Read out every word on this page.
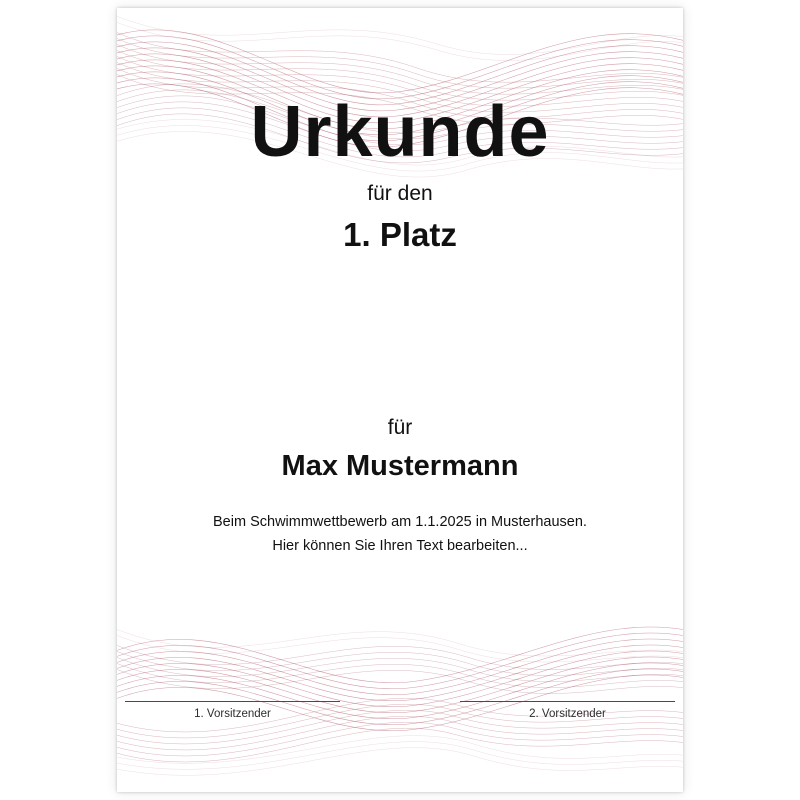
Urkunde
für den
1. Platz
für
Max Mustermann
Beim Schwimmwettbewerb am 1.1.2025 in Musterhausen.
Hier können Sie Ihren Text bearbeiten...
1. Vorsitzender	2. Vorsitzender
